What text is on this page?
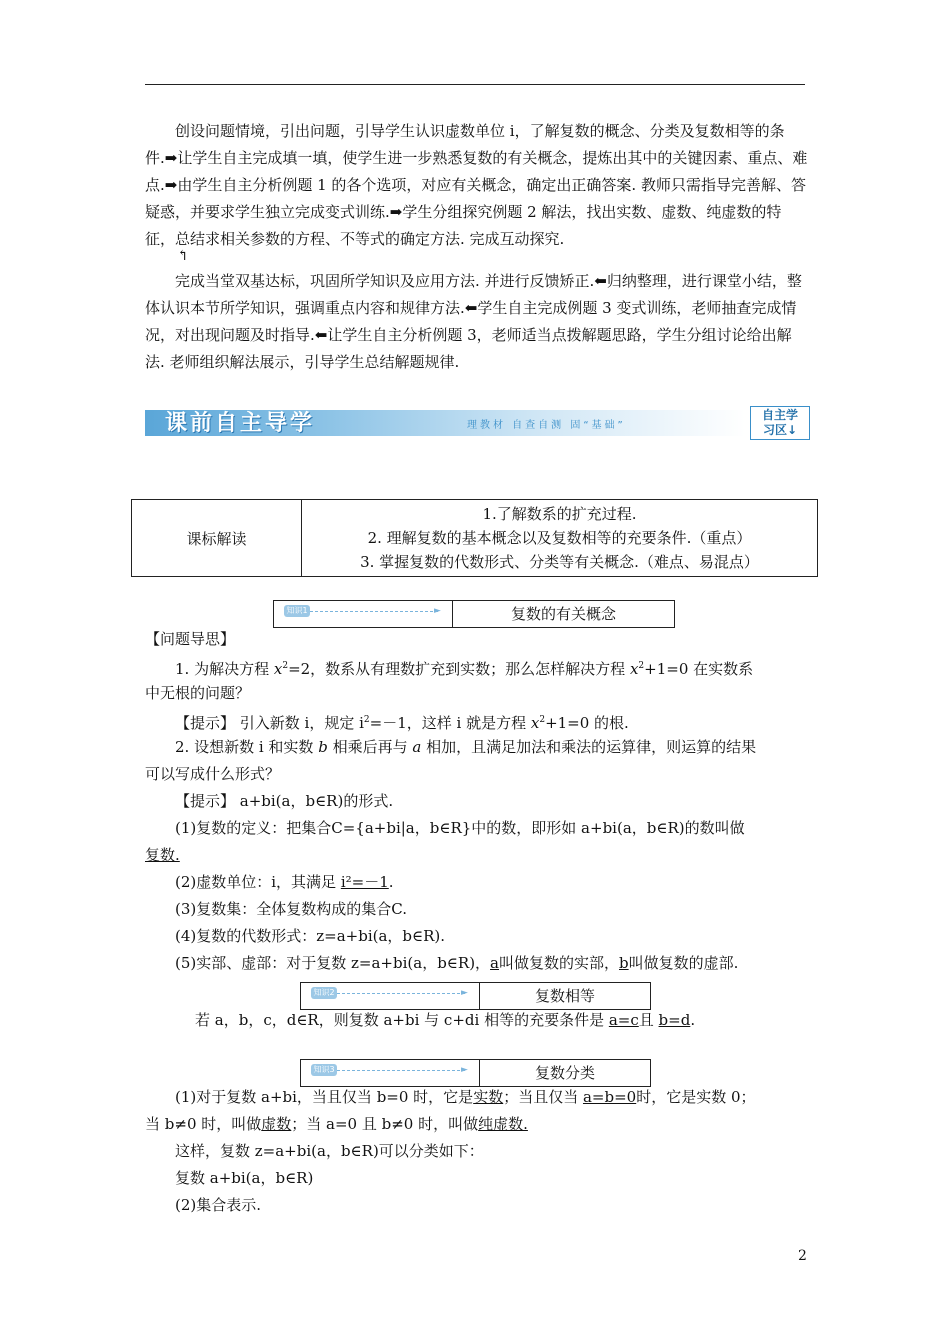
创设问题情境，引出问题，引导学生认识虚数单位 i，了解复数的概念、分类及复数相等的条件.➡让学生自主完成填一填，使学生进一步熟悉复数的有关概念，提炼出其中的关键因素、重点、难点.➡由学生自主分析例题 1 的各个选项，对应有关概念，确定出正确答案. 教师只需指导完善解、答疑惑，并要求学生独立完成变式训练.➡学生分组探究例题 2 解法，找出实数、虚数、纯虚数的特征，总结求相关参数的方程、不等式的确定方法. 完成互动探究.

↰

完成当堂双基达标，巩固所学知识及应用方法. 并进行反馈矫正.⬅归纳整理，进行课堂小结，整体认识本节所学知识，强调重点内容和规律方法.⬅学生自主完成例题 3 变式训练，老师抽查完成情况，对出现问题及时指导.⬅让学生自主分析例题 3，老师适当点拨解题思路，学生分组讨论给出解法. 老师组织解法展示，引导学生总结解题规律.

课前自主导学	理教材 自查自测 固“基础”
自主学
习区↓
课标解读
1.了解数系的扩充过程.
2. 理解复数的基本概念以及复数相等的充要条件.（重点）
3. 掌握复数的代数形式、分类等有关概念.（难点、易混点）
知识1	►	复数的有关概念
【问题导思】
1. 为解决方程 $x^2=2$，数系从有理数扩充到实数；那么怎样解决方程 $x^2+1=0$ 在实数系
中无根的问题？
【提示】 引入新数 i，规定 $i^2=-1$，这样 i 就是方程 $x^2+1=0$ 的根.
2. 设想新数 i 和实数 b 相乘后再与 a 相加，且满足加法和乘法的运算律，则运算的结果
可以写成什么形式？
【提示】 a+bi(a，b∈R)的形式.
(1)复数的定义：把集合C={a+bi|a，b∈R}中的数，即形如 a+bi(a，b∈R)的数叫做
复数.
(2)虚数单位：i，其满足 i²=－1.
(3)复数集：全体复数构成的集合C.
(4)复数的代数形式：z=a+bi(a，b∈R).
(5)实部、虚部：对于复数 z=a+bi(a，b∈R)，a叫做复数的实部，b叫做复数的虚部.
知识2	►	复数相等
若 a，b，c，d∈R，则复数 a+bi 与 c+di 相等的充要条件是 a=c且 b=d.
知识3	►	复数分类
(1)对于复数 a+bi，当且仅当 b=0 时，它是实数；当且仅当 a=b=0时，它是实数 0；
当 b≠0 时，叫做虚数；当 a=0 且 b≠0 时，叫做纯虚数.
这样，复数 z=a+bi(a，b∈R)可以分类如下：
复数 a+bi(a，b∈R)
(2)集合表示.
2
